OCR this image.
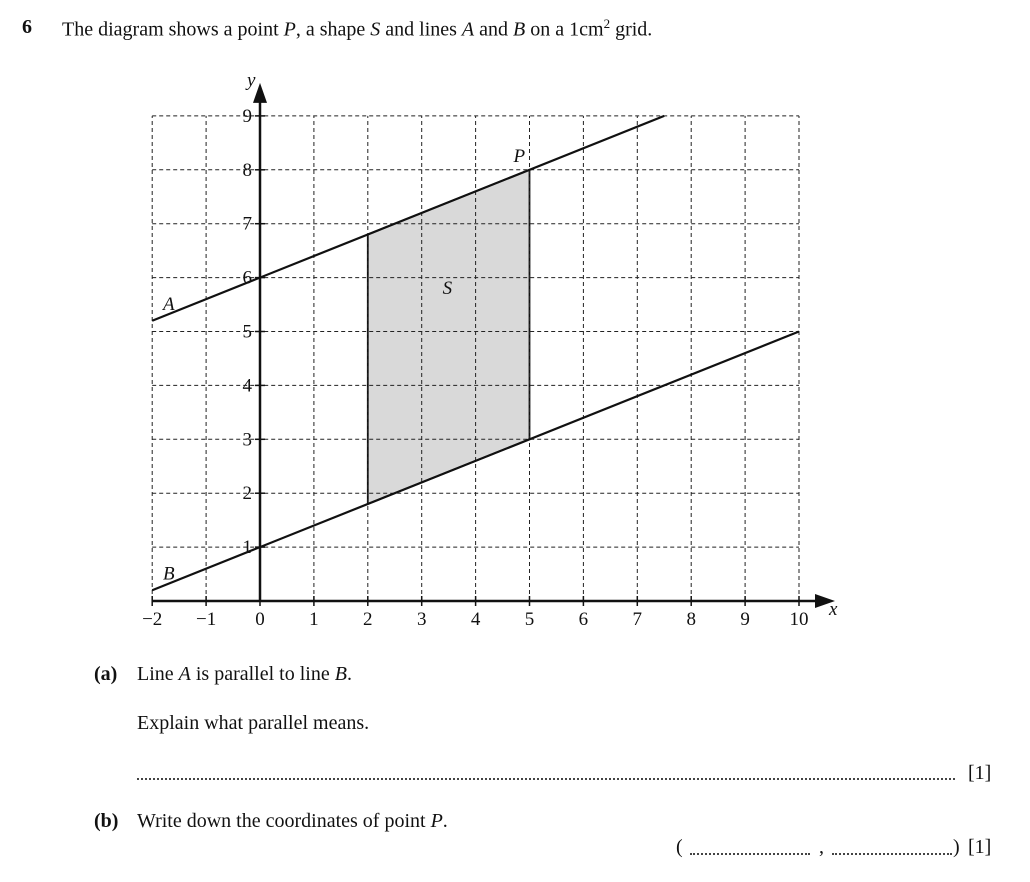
6 The diagram shows a point P, a shape S and lines A and B on a $1cm^2$ grid.
x
y
−2 −1 0 1 2 3 4 5 6 7 8 9 10
1
2
3
4
5
6
7
8
9
A
B
S
P
(a) Line A is parallel to line B.
Explain what parallel means.
[1]
(b) Write down the coordinates of point P.
(	,	) [1]
